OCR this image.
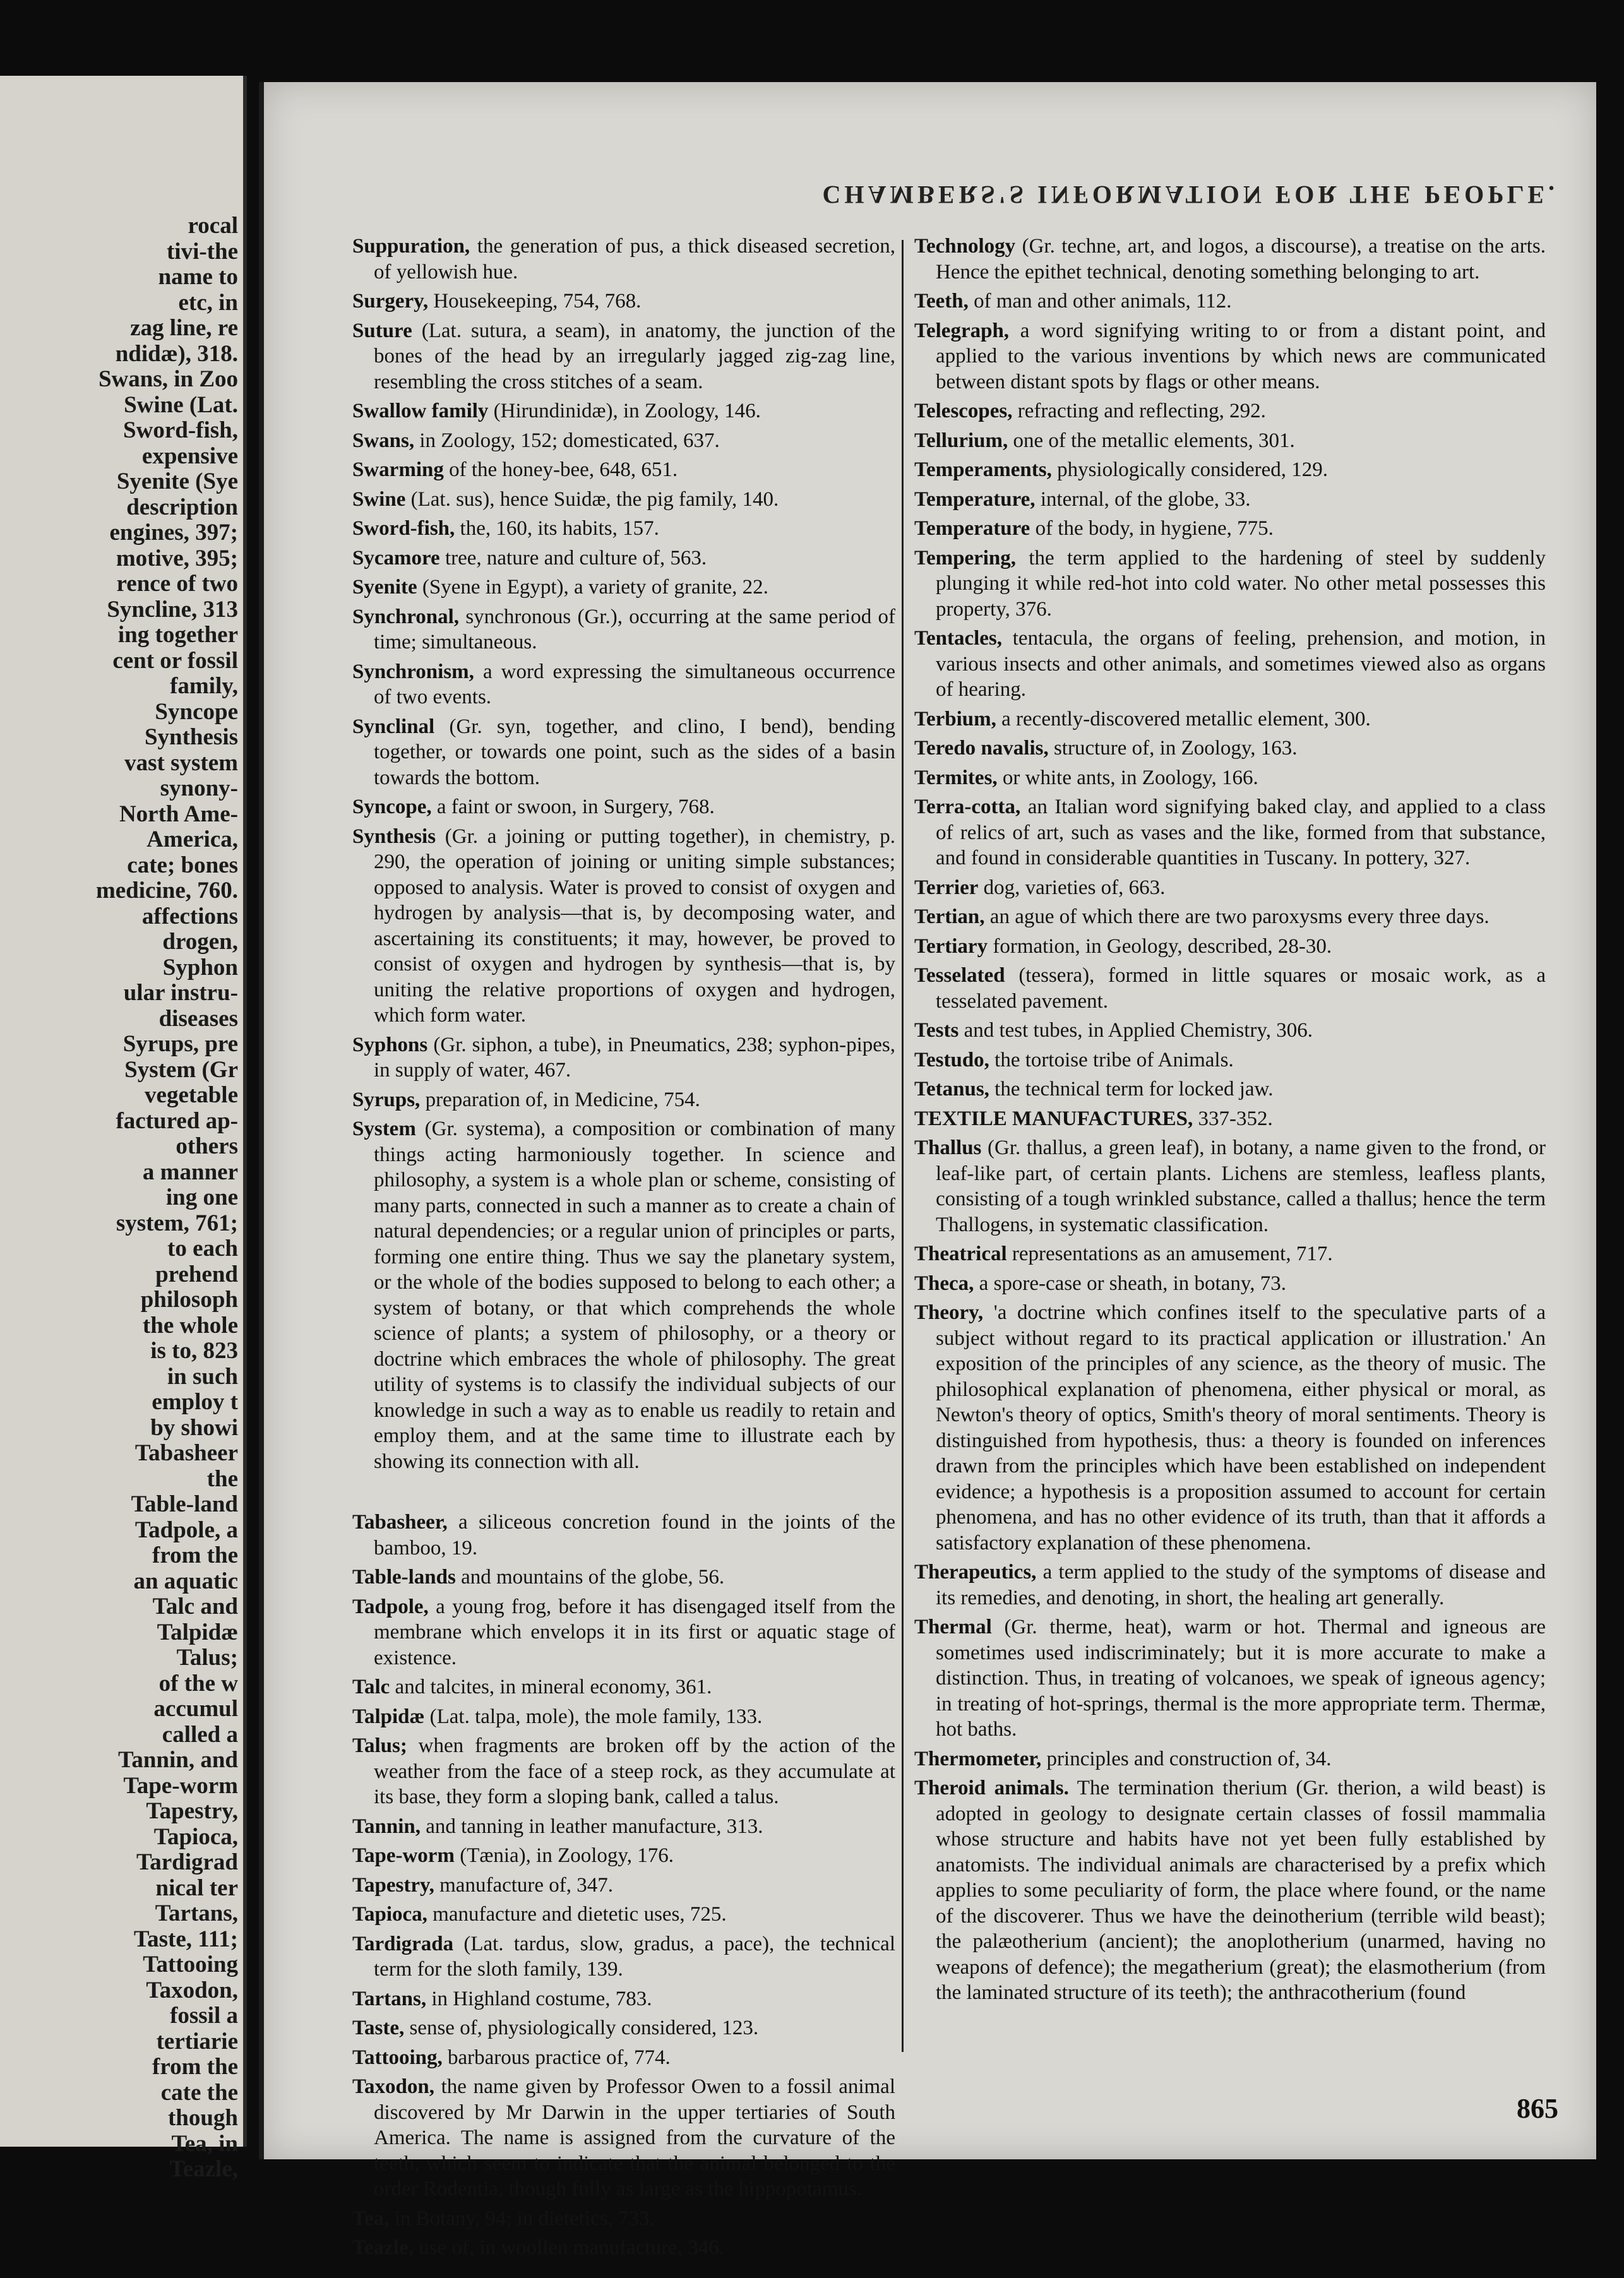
rocal
tivi-the
name to
etc, in
zag line, re
ndidæ), 318.
Swans, in Zoo
Swine (Lat.
Sword-fish,
expensive
Syenite (Sye
description
engines, 397;
motive, 395;
rence of two
Syncline, 313
ing together
cent or fossil
family,
Syncope
Synthesis
vast system
synony-
North Ame-
America,
cate; bones
medicine, 760.
affections
drogen,
Syphon
ular instru-
diseases
Syrups, pre
System (Gr
vegetable
factured ap-
others
a manner
ing one
system, 761;
to each
prehend
philosoph
the whole
is to, 823
in such
employ t
by showi
Tabasheer
the
Table-land
Tadpole, a
from the
an aquatic
Talc and
Talpidæ
Talus;
of the w
accumul
called a
Tannin, and
Tape-worm
Tapestry,
Tapioca,
Tardigrad
nical ter
Tartans,
Taste, 111;
Tattooing
Taxodon,
fossil a
tertiarie
from the
cate the
though
Tea, in
Teazle,
CHAMBERS'S INFORMATION FOR THE PEOPLE.
Suppuration, the generation of pus, a thick diseased secretion, of yellowish hue.
Surgery, Housekeeping, 754, 768.
Suture (Lat. sutura, a seam), in anatomy, the junction of the bones of the head by an irregularly jagged zig-zag line, resembling the cross stitches of a seam.
Swallow family (Hirundinidæ), in Zoology, 146.
Swans, in Zoology, 152; domesticated, 637.
Swarming of the honey-bee, 648, 651.
Swine (Lat. sus), hence Suidæ, the pig family, 140.
Sword-fish, the, 160, its habits, 157.
Sycamore tree, nature and culture of, 563.
Syenite (Syene in Egypt), a variety of granite, 22.
Synchronal, synchronous (Gr.), occurring at the same period of time; simultaneous.
Synchronism, a word expressing the simultaneous occurrence of two events.
Synclinal (Gr. syn, together, and clino, I bend), bending together, or towards one point, such as the sides of a basin towards the bottom.
Syncope, a faint or swoon, in Surgery, 768.
Synthesis (Gr. a joining or putting together), in chemistry, p. 290, the operation of joining or uniting simple substances; opposed to analysis. Water is proved to consist of oxygen and hydrogen by analysis—that is, by decomposing water, and ascertaining its constituents; it may, however, be proved to consist of oxygen and hydrogen by synthesis—that is, by uniting the relative proportions of oxygen and hydrogen, which form water.
Syphons (Gr. siphon, a tube), in Pneumatics, 238; syphon-pipes, in supply of water, 467.
Syrups, preparation of, in Medicine, 754.
System (Gr. systema), a composition or combination of many things acting harmoniously together. In science and philosophy, a system is a whole plan or scheme, consisting of many parts, connected in such a manner as to create a chain of natural dependencies; or a regular union of principles or parts, forming one entire thing. Thus we say the planetary system, or the whole of the bodies supposed to belong to each other; a system of botany, or that which comprehends the whole science of plants; a system of philosophy, or a theory or doctrine which embraces the whole of philosophy. The great utility of systems is to classify the individual subjects of our knowledge in such a way as to enable us readily to retain and employ them, and at the same time to illustrate each by showing its connection with all.
Tabasheer, a siliceous concretion found in the joints of the bamboo, 19.
Table-lands and mountains of the globe, 56.
Tadpole, a young frog, before it has disengaged itself from the membrane which envelops it in its first or aquatic stage of existence.
Talc and talcites, in mineral economy, 361.
Talpidæ (Lat. talpa, mole), the mole family, 133.
Talus; when fragments are broken off by the action of the weather from the face of a steep rock, as they accumulate at its base, they form a sloping bank, called a talus.
Tannin, and tanning in leather manufacture, 313.
Tape-worm (Tænia), in Zoology, 176.
Tapestry, manufacture of, 347.
Tapioca, manufacture and dietetic uses, 725.
Tardigrada (Lat. tardus, slow, gradus, a pace), the technical term for the sloth family, 139.
Tartans, in Highland costume, 783.
Taste, sense of, physiologically considered, 123.
Tattooing, barbarous practice of, 774.
Taxodon, the name given by Professor Owen to a fossil animal discovered by Mr Darwin in the upper tertiaries of South America. The name is assigned from the curvature of the teeth, which seem to indicate that the animal belonged to the order Rodentia, though fully as large as the hippopotamus.
Tea, in Botany, 94; in dietetics, 733.
Teazle, use of, in woollen manufacture, 346.
Technology (Gr. techne, art, and logos, a discourse), a treatise on the arts. Hence the epithet technical, denoting something belonging to art.
Teeth, of man and other animals, 112.
Telegraph, a word signifying writing to or from a distant point, and applied to the various inventions by which news are communicated between distant spots by flags or other means.
Telescopes, refracting and reflecting, 292.
Tellurium, one of the metallic elements, 301.
Temperaments, physiologically considered, 129.
Temperature, internal, of the globe, 33.
Temperature of the body, in hygiene, 775.
Tempering, the term applied to the hardening of steel by suddenly plunging it while red-hot into cold water. No other metal possesses this property, 376.
Tentacles, tentacula, the organs of feeling, prehension, and motion, in various insects and other animals, and sometimes viewed also as organs of hearing.
Terbium, a recently-discovered metallic element, 300.
Teredo navalis, structure of, in Zoology, 163.
Termites, or white ants, in Zoology, 166.
Terra-cotta, an Italian word signifying baked clay, and applied to a class of relics of art, such as vases and the like, formed from that substance, and found in considerable quantities in Tuscany. In pottery, 327.
Terrier dog, varieties of, 663.
Tertian, an ague of which there are two paroxysms every three days.
Tertiary formation, in Geology, described, 28-30.
Tesselated (tessera), formed in little squares or mosaic work, as a tesselated pavement.
Tests and test tubes, in Applied Chemistry, 306.
Testudo, the tortoise tribe of Animals.
Tetanus, the technical term for locked jaw.
TEXTILE MANUFACTURES, 337-352.
Thallus (Gr. thallus, a green leaf), in botany, a name given to the frond, or leaf-like part, of certain plants. Lichens are stemless, leafless plants, consisting of a tough wrinkled substance, called a thallus; hence the term Thallogens, in systematic classification.
Theatrical representations as an amusement, 717.
Theca, a spore-case or sheath, in botany, 73.
Theory, 'a doctrine which confines itself to the speculative parts of a subject without regard to its practical application or illustration.' An exposition of the principles of any science, as the theory of music. The philosophical explanation of phenomena, either physical or moral, as Newton's theory of optics, Smith's theory of moral sentiments. Theory is distinguished from hypothesis, thus: a theory is founded on inferences drawn from the principles which have been established on independent evidence; a hypothesis is a proposition assumed to account for certain phenomena, and has no other evidence of its truth, than that it affords a satisfactory explanation of these phenomena.
Therapeutics, a term applied to the study of the symptoms of disease and its remedies, and denoting, in short, the healing art generally.
Thermal (Gr. therme, heat), warm or hot. Thermal and igneous are sometimes used indiscriminately; but it is more accurate to make a distinction. Thus, in treating of volcanoes, we speak of igneous agency; in treating of hot-springs, thermal is the more appropriate term. Thermæ, hot baths.
Thermometer, principles and construction of, 34.
Theroid animals. The termination therium (Gr. therion, a wild beast) is adopted in geology to designate certain classes of fossil mammalia whose structure and habits have not yet been fully established by anatomists. The individual animals are characterised by a prefix which applies to some peculiarity of form, the place where found, or the name of the discoverer. Thus we have the deinotherium (terrible wild beast); the palæotherium (ancient); the anoplotherium (unarmed, having no weapons of defence); the megatherium (great); the elasmotherium (from the laminated structure of its teeth); the anthracotherium (found
865
